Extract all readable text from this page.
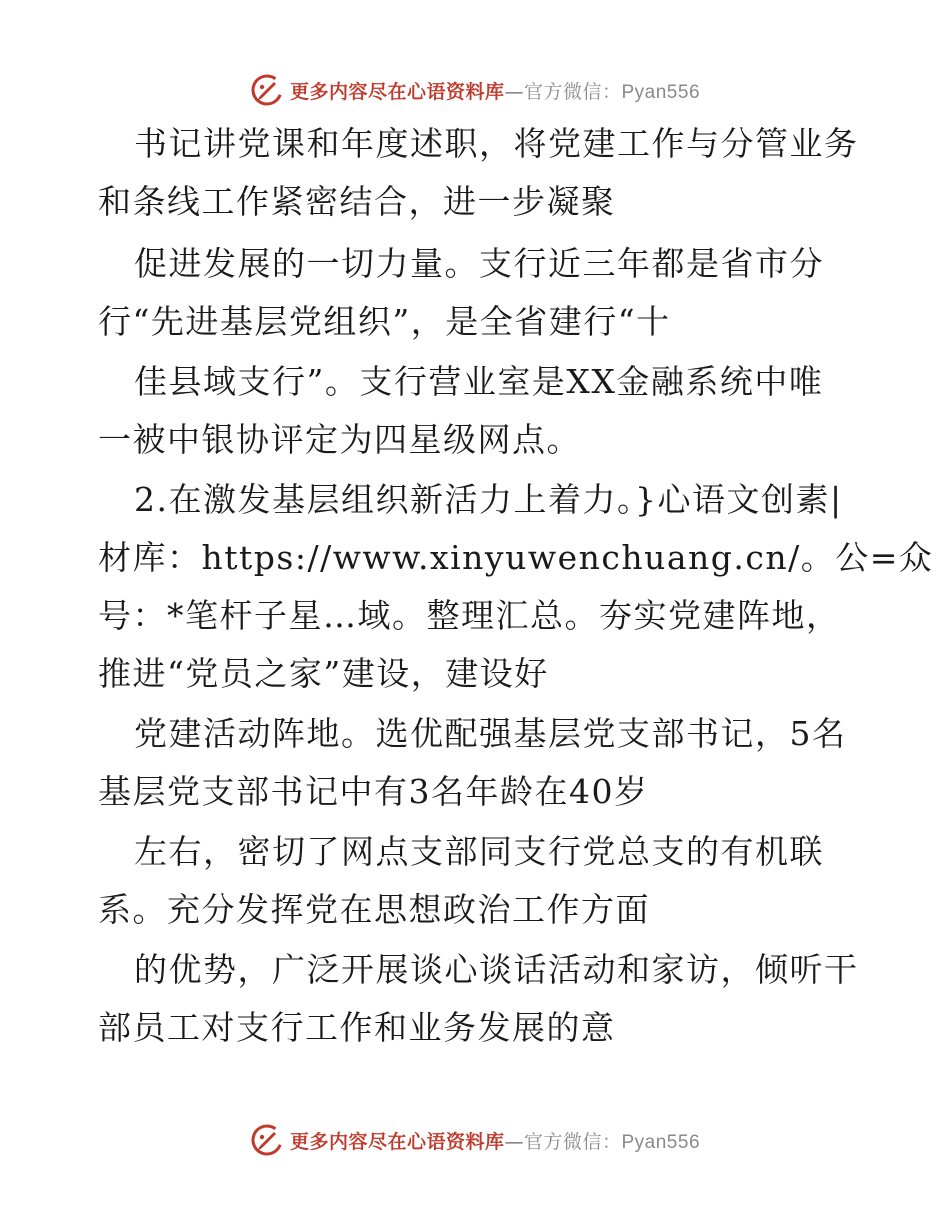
更多内容尽在心语资料库—官方微信：Pyan556
书记讲党课和年度述职，将党建工作与分管业务
和条线工作紧密结合，进一步凝聚
促进发展的一切力量。支行近三年都是省市分
行“先进基层党组织”，是全省建行“十
佳县域支行”。支行营业室是XX金融系统中唯
一被中银协评定为四星级网点。
2.在激发基层组织新活力上着力。}心语文创素|
材库：https://www.xinyuwenchuang.cn/。公=众
号：*笔杆子星…域。整理汇总。夯实党建阵地，
推进“党员之家”建设，建设好
党建活动阵地。选优配强基层党支部书记，5名
基层党支部书记中有3名年龄在40岁
左右，密切了网点支部同支行党总支的有机联
系。充分发挥党在思想政治工作方面
的优势，广泛开展谈心谈话活动和家访，倾听干
部员工对支行工作和业务发展的意
更多内容尽在心语资料库—官方微信：Pyan556
